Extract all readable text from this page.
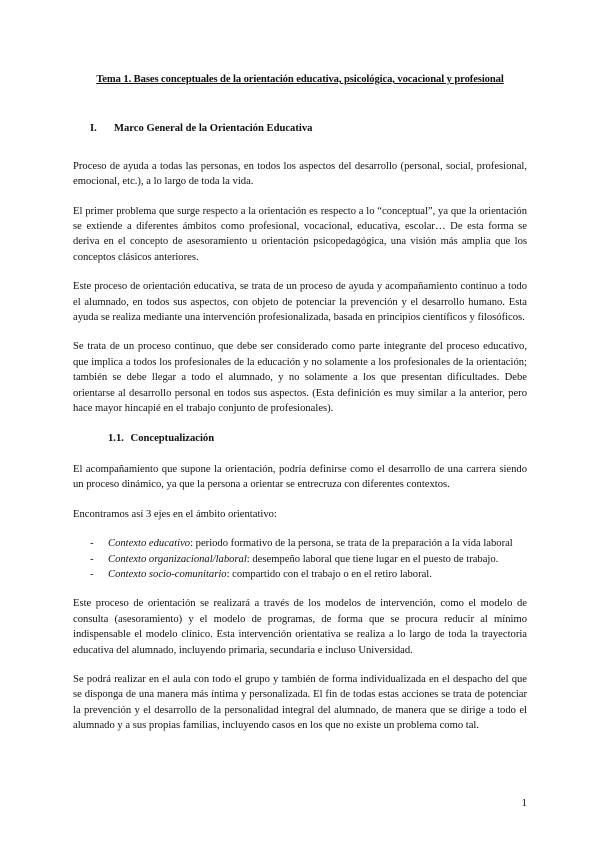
Tema 1. Bases conceptuales de la orientación educativa, psicológica, vocacional y profesional
I. Marco General de la Orientación Educativa

Proceso de ayuda a todas las personas, en todos los aspectos del desarrollo (personal, social, profesional, emocional, etc.), a lo largo de toda la vida.

El primer problema que surge respecto a la orientación es respecto a lo “conceptual”, ya que la orientación se extiende a diferentes ámbitos como profesional, vocacional, educativa, escolar… De esta forma se deriva en el concepto de asesoramiento u orientación psicopedagógica, una visión más amplia que los conceptos clásicos anteriores.

Este proceso de orientación educativa, se trata de un proceso de ayuda y acompañamiento continuo a todo el alumnado, en todos sus aspectos, con objeto de potenciar la prevención y el desarrollo humano. Esta ayuda se realiza mediante una intervención profesionalizada, basada en principios científicos y filosóficos.

Se trata de un proceso continuo, que debe ser considerado como parte integrante del proceso educativo, que implica a todos los profesionales de la educación y no solamente a los profesionales de la orientación; también se debe llegar a todo el alumnado, y no solamente a los que presentan dificultades. Debe orientarse al desarrollo personal en todos sus aspectos. (Esta definición es muy similar a la anterior, pero hace mayor hincapié en el trabajo conjunto de profesionales).

1.1. Conceptualización

El acompañamiento que supone la orientación, podría definirse como el desarrollo de una carrera siendo un proceso dinámico, ya que la persona a orientar se entrecruza con diferentes contextos.

Encontramos así 3 ejes en el ámbito orientativo:

- Contexto educativo: periodo formativo de la persona, se trata de la preparación a la vida laboral
- Contexto organizacional/laboral: desempeño laboral que tiene lugar en el puesto de trabajo.
- Contexto socio-comunitario: compartido con el trabajo o en el retiro laboral.

Este proceso de orientación se realizará a través de los modelos de intervención, como el modelo de consulta (asesoramiento) y el modelo de programas, de forma que se procura reducir al mínimo indispensable el modelo clínico. Esta intervención orientativa se realiza a lo largo de toda la trayectoria educativa del alumnado, incluyendo primaria, secundaria e incluso Universidad.

Se podrá realizar en el aula con todo el grupo y también de forma individualizada en el despacho del que se disponga de una manera más íntima y personalizada. El fin de todas estas acciones se trata de potenciar la prevención y el desarrollo de la personalidad integral del alumnado, de manera que se dirige a todo el alumnado y a sus propias familias, incluyendo casos en los que no existe un problema como tal.

1
